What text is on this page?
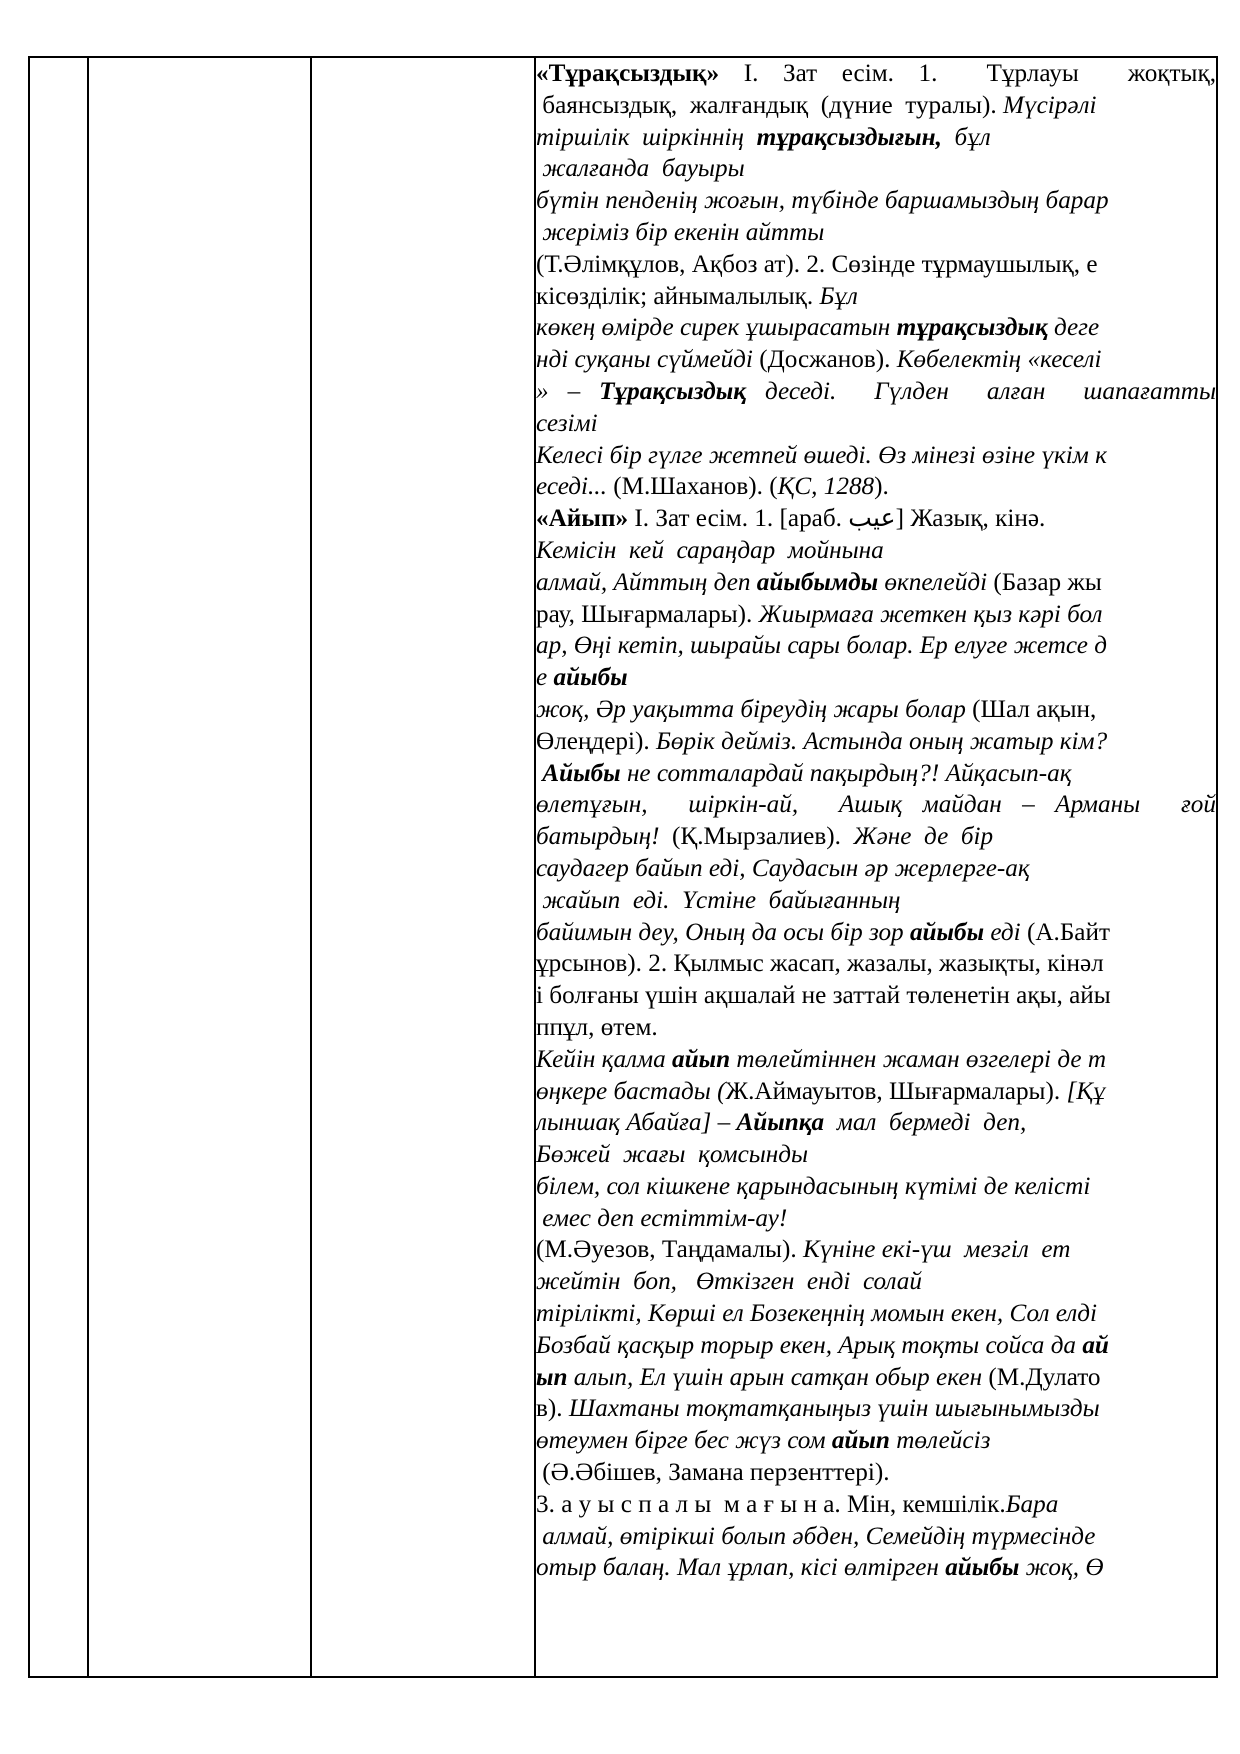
«Тұрақсыздық» І. Зат есім. 1.  Тұрлауы  жоқтық,
баянсыздық,  жалғандық  (дүние  туралы). Мүсірәлі
тіршілік  шіркіннің  тұрақсыздығын,  бұл
жалғанда  бауыры
бүтін пенденің жоғын, түбінде баршамыздың барар
жеріміз бір екенін айтты
(Т.Әлімқұлов, Ақбоз ат). 2. Сөзінде тұрмаушылық, е
кісөзділік; айнымалылық. Бұл
көкең өмірде сирек ұшырасатын тұрақсыздық деге
нді суқаны сүймейді (Досжанов). Көбелектің «кеселі
» – Тұрақсыздық деседі.  Гүлден  алған  шапағатты
сезімі
Келесі бір гүлге жетпей өшеді. Өз мінезі өзіне үкім к
еседі... (М.Шаханов). (ҚС, 1288).
«Айып» І. Зат есім. 1. [араб. ﻋﻴﺐ] Жазық, кінә.
Кемісін  кей  сараңдар  мойнына
алмай, Айттың деп айыбымды өкпелейді (Базар жы
рау, Шығармалары). Жиырмаға жеткен қыз кәрі бол
ар, Өңі кетіп, шырайы сары болар. Ер елуге жетсе д
е айыбы
жоқ, Әр уақытта біреудің жары болар (Шал ақын,
Өлеңдері). Бөрік дейміз. Астында оның жатыр кім?
Айыбы не сотталардай пақырдың?! Айқасып-ақ
өлетұғын,  шіркін-ай,  Ашық майдан – Арманы  ғой
батырдың!  (Қ.Мырзалиев).  Және  де  бір
саудагер байып еді, Саудасын әр жерлерге-ақ
жайып  еді.  Үстіне  байығанның
байимын деу, Оның да осы бір зор айыбы еді (А.Байт
ұрсынов). 2. Қылмыс жасап, жазалы, жазықты, кінәл
і болғаны үшін ақшалай не заттай төленетін ақы, айы
ппұл, өтем.
Кейін қалма айып төлейтіннен жаман өзгелері де т
өңкере бастады (Ж.Аймауытов, Шығармалары). [Құ
лыншақ Абайға] – Айыпқа  мал  бермеді  деп,
Бөжей  жағы  қомсынды
білем, сол кішкене қарындасының күтімі де келісті
емес деп естіттім-ау!
(М.Әуезов, Таңдамалы). Күніне екі-үш  мезгіл  ет
жейтін  боп,   Өткізген  енді  солай
тірілікті, Көрші ел Бозекеңнің момын екен, Сол елді
Бозбай қасқыр торыр екен, Арық тоқты сойса да ай
ып алып, Ел үшін арын сатқан обыр екен (М.Дулато
в). Шахтаны тоқтатқаныңыз үшін шығынымызды
өтеумен бірге бес жүз сом айып төлейсіз
(Ә.Әбішев, Замана перзенттері).
3. а у ы с п а л ы  м а ғ ы н а. Мін, кемшілік.Бара
алмай, өтірікші болып әбден, Семейдің түрмесінде
отыр балаң. Мал ұрлап, кісі өлтірген айыбы жоқ, Ө
